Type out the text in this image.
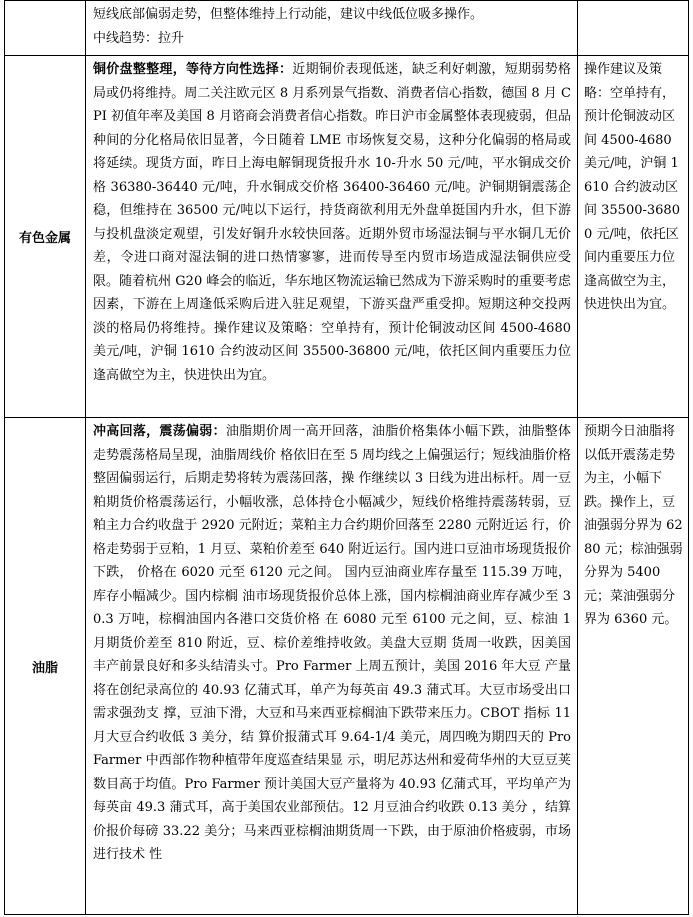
	短线底部偏弱走势，但整体维持上行动能，建议中线低位吸多操作。
中线趋势：拉升	

有色金属	铜价盘整整理，等待方向性选择：近期铜价表现低迷，缺乏利好刺激，短期弱势格局或仍将维持。周二关注欧元区 8 月系列景气指数、消费者信心指数，德国 8 月 CPI 初值年率及美国 8 月谘商会消费者信心指数。昨日沪市金属整体表现疲弱，但品种间的分化格局依旧显著，今日随着 LME 市场恢复交易，这种分化偏弱的格局或将延续。现货方面，昨日上海电解铜现货报升水 10-升水 50 元/吨，平水铜成交价格 36380-36440 元/吨，升水铜成交价格 36400-36460 元/吨。沪铜期铜震荡企稳，但维持在 36500 元/吨以下运行，持货商欲利用无外盘单挺国内升水，但下游与投机盘淡定观望，引发好铜升水较快回落。近期外贸市场湿法铜与平水铜几无价差，令进口商对湿法铜的进口热情寥寥，进而传导至内贸市场造成湿法铜供应受限。随着杭州 G20 峰会的临近，华东地区物流运输已然成为下游采购时的重要考虑因素，下游在上周逢低采购后进入驻足观望，下游买盘严重受抑。短期这种交投两淡的格局仍将维持。操作建议及策略：空单持有，预计伦铜波动区间 4500-4680 美元/吨，沪铜 1610 合约波动区间 35500-36800 元/吨，依托区间内重要压力位逢高做空为主，快进快出为宜。	操作建议及策略：空单持有，预计伦铜波动区间 4500-4680 美元/吨，沪铜 1610 合约波动区间 35500-36800 元/吨，依托区间内重要压力位逢高做空为主，快进快出为宜。

油脂	冲高回落，震荡偏弱：油脂期价周一高开回落，油脂价格集体小幅下跌，油脂整体走势震荡格局呈现，油脂周线价 格依旧在至 5 周均线之上偏强运行；短线油脂价格整固偏弱运行，后期走势将转为震荡回落，操 作继续以 3 日线为进出标杆。周一豆粕期货价格震荡运行，小幅收涨，总体持仓小幅减少，短线价格维持震荡转弱，豆粕主力合约收盘于 2920 元附近；菜粕主力合约期价回落至 2280 元附近运 行，价格走势弱于豆粕，1 月豆、菜粕价差至 640 附近运行。国内进口豆油市场现货报价下跌， 价格在 6020 元至 6120 元之间。 国内豆油商业库存量至 115.39 万吨，库存小幅减少。国内棕榈 油市场现货报价总体上涨，国内棕榈油商业库存减少至 30.3 万吨，棕榈油国内各港口交货价格 在 6080 元至 6100 元之间，豆、棕油 1 月期货价差至 810 附近，豆、棕价差维持收敛。美盘大豆期 货周一收跌，因美国丰产前景良好和多头结清头寸。Pro Farmer 上周五预计，美国 2016 年大豆 产量将在创纪录高位的 40.93 亿蒲式耳，单产为每英亩 49.3 蒲式耳。大豆市场受出口需求强劲支 撑，豆油下滑，大豆和马来西亚棕榈油下跌带来压力。CBOT 指标 11 月大豆合约收低 3 美分，结 算价报蒲式耳 9.64-1/4 美元，周四晚为期四天的 Pro Farmer 中西部作物种植带年度巡查结果显 示，明尼苏达州和爱荷华州的大豆豆荚数目高于均值。Pro Farmer 预计美国大豆产量将为 40.93 亿蒲式耳，平均单产为每英亩 49.3 蒲式耳，高于美国农业部预估。12 月豆油合约收跌 0.13 美分 ，结算价报价每磅 33.22 美分；马来西亚棕榈油期货周一下跌，由于原油价格疲弱，市场进行技术 性	预期今日油脂将以低开震荡走势为主，小幅下跌。操作上，豆油强弱分界为 6280 元；棕油强弱分界为 5400 元；菜油强弱分界为 6360 元。
